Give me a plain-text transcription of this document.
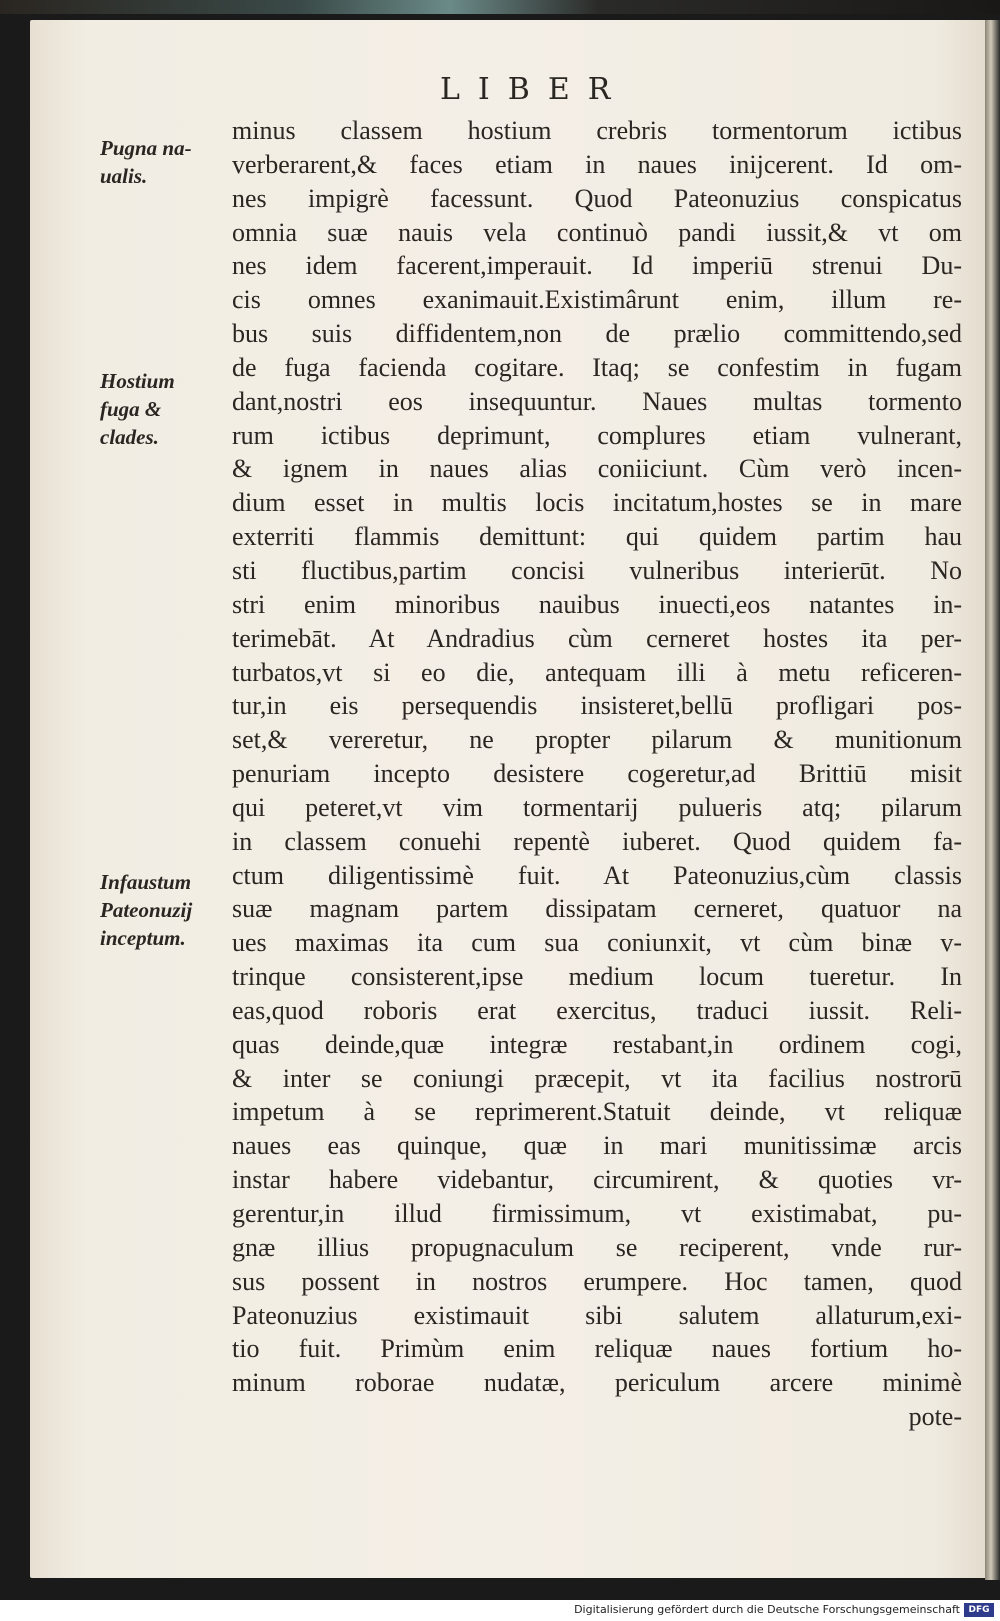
LIBER
Pugna na-
ualis.
Hostium
fuga &
clades.
Infaustum
Pateonuzij
inceptum.
minus classem hostium crebris tormentorum ictibus
verberarent,& faces etiam in naues inijcerent. Id om-
nes impigrè facessunt. Quod Pateonuzius conspicatus
omnia suæ nauis vela continuò pandi iussit,& vt om
nes idem facerent,imperauit. Id imperiū strenui Du-
cis omnes exanimauit.Existimârunt enim, illum re-
bus suis diffidentem,non de prælio committendo,sed
de fuga facienda cogitare. Itaq; se confestim in fugam
dant,nostri eos insequuntur. Naues multas tormento
rum ictibus deprimunt, complures etiam vulnerant,
& ignem in naues alias coniiciunt. Cùm verò incen-
dium esset in multis locis incitatum,hostes se in mare
exterriti flammis demittunt: qui quidem partim hau
sti fluctibus,partim concisi vulneribus interierūt. No
stri enim minoribus nauibus inuecti,eos natantes in-
terimebāt. At Andradius cùm cerneret hostes ita per-
turbatos,vt si eo die, antequam illi à metu reficeren-
tur,in eis persequendis insisteret,bellū profligari pos-
set,& vereretur, ne propter pilarum & munitionum
penuriam incepto desistere cogeretur,ad Brittiū misit
qui peteret,vt vim tormentarij pulueris atq; pilarum
in classem conuehi repentè iuberet. Quod quidem fa-
ctum diligentissimè fuit. At Pateonuzius,cùm classis
suæ magnam partem dissipatam cerneret, quatuor na
ues maximas ita cum sua coniunxit, vt cùm binæ v-
trinque consisterent,ipse medium locum tueretur. In
eas,quod roboris erat exercitus, traduci iussit. Reli-
quas deinde,quæ integræ restabant,in ordinem cogi,
& inter se coniungi præcepit, vt ita facilius nostrorū
impetum à se reprimerent.Statuit deinde, vt reliquæ
naues eas quinque, quæ in mari munitissimæ arcis
instar habere videbantur, circumirent, & quoties vr-
gerentur,in illud firmissimum, vt existimabat, pu-
gnæ illius propugnaculum se reciperent, vnde rur-
sus possent in nostros erumpere. Hoc tamen, quod
Pateonuzius existimauit sibi salutem allaturum,exi-
tio fuit. Primùm enim reliquæ naues fortium ho-
minum roborae nudatæ, periculum arcere minimè
pote-
Digitalisierung gefördert durch die Deutsche Forschungsgemeinschaft DFG
